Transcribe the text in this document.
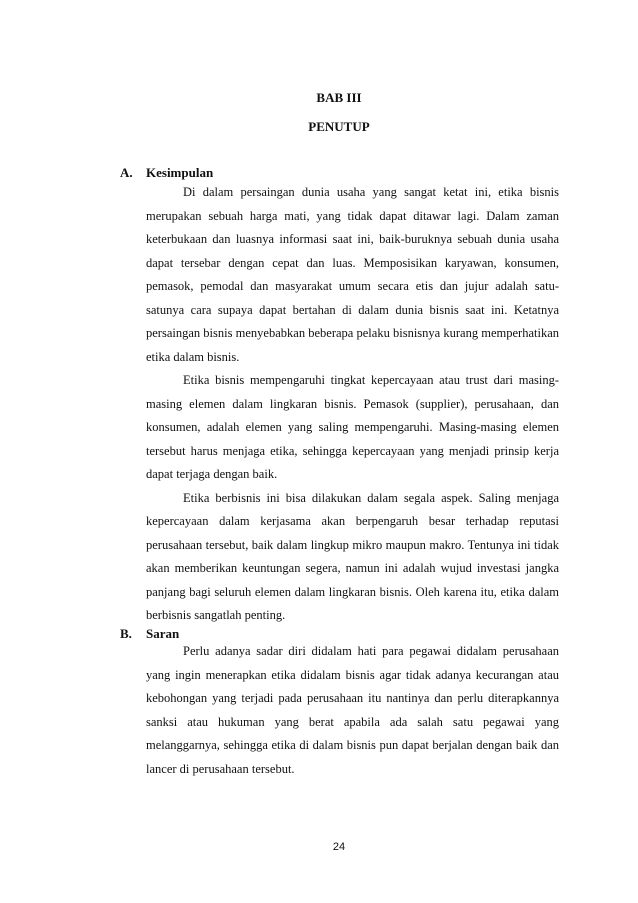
BAB III
PENUTUP
A. Kesimpulan

Di dalam persaingan dunia usaha yang sangat ketat ini, etika bisnis merupakan sebuah harga mati, yang tidak dapat ditawar lagi. Dalam zaman keterbukaan dan luasnya informasi saat ini, baik-buruknya sebuah dunia usaha dapat tersebar dengan cepat dan luas. Memposisikan karyawan, konsumen, pemasok, pemodal dan masyarakat umum secara etis dan jujur adalah satu-satunya cara supaya dapat bertahan di dalam dunia bisnis saat ini. Ketatnya persaingan bisnis menyebabkan beberapa pelaku bisnisnya kurang memperhatikan etika dalam bisnis.

Etika bisnis mempengaruhi tingkat kepercayaan atau trust dari masing-masing elemen dalam lingkaran bisnis. Pemasok (supplier), perusahaan, dan konsumen, adalah elemen yang saling mempengaruhi. Masing-masing elemen tersebut harus menjaga etika, sehingga kepercayaan yang menjadi prinsip kerja dapat terjaga dengan baik.

Etika berbisnis ini bisa dilakukan dalam segala aspek. Saling menjaga kepercayaan dalam kerjasama akan berpengaruh besar terhadap reputasi perusahaan tersebut, baik dalam lingkup mikro maupun makro. Tentunya ini tidak akan memberikan keuntungan segera, namun ini adalah wujud investasi jangka panjang bagi seluruh elemen dalam lingkaran bisnis. Oleh karena itu, etika dalam berbisnis sangatlah penting.

B. Saran

Perlu adanya sadar diri didalam hati para pegawai didalam perusahaan yang ingin menerapkan etika didalam bisnis agar tidak adanya kecurangan atau kebohongan yang terjadi pada perusahaan itu nantinya dan perlu diterapkannya sanksi atau hukuman yang berat apabila ada salah satu pegawai yang melanggarnya, sehingga etika di dalam bisnis pun dapat berjalan dengan baik dan lancer di perusahaan tersebut.

24
